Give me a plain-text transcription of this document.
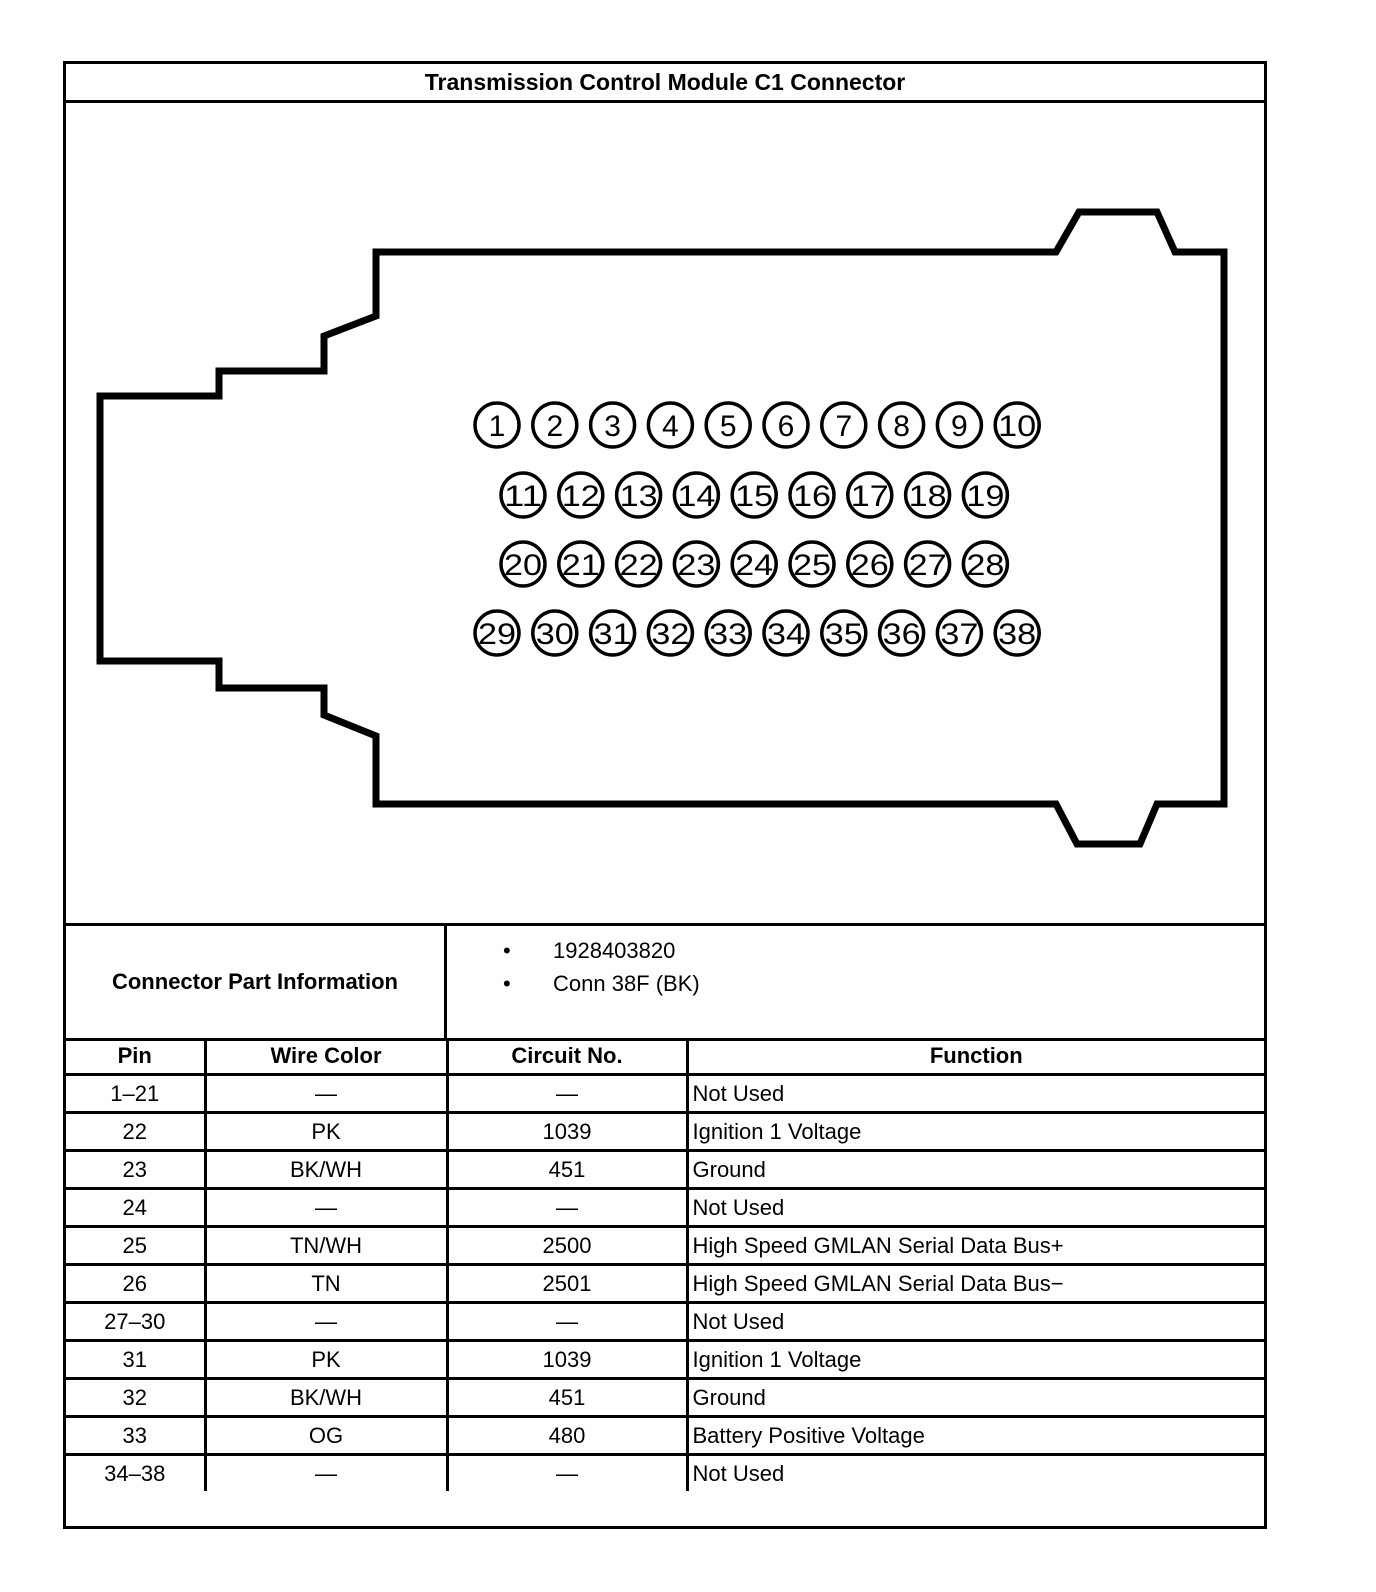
Transmission Control Module C1 Connector
1 2 3 4 5 6 7 8 9 10
11 12 13 14 15 16 17 18 19
20 21 22 23 24 25 26 27 28
29 30 31 32 33 34 35 36 37 38
Connector Part Information
• 1928403820
• Conn 38F (BK)
Pin	Wire Color	Circuit No.	Function
1–21	—	—	Not Used
22	PK	1039	Ignition 1 Voltage
23	BK/WH	451	Ground
24	—	—	Not Used
25	TN/WH	2500	High Speed GMLAN Serial Data Bus+
26	TN	2501	High Speed GMLAN Serial Data Bus−
27–30	—	—	Not Used
31	PK	1039	Ignition 1 Voltage
32	BK/WH	451	Ground
33	OG	480	Battery Positive Voltage
34–38	—	—	Not Used
